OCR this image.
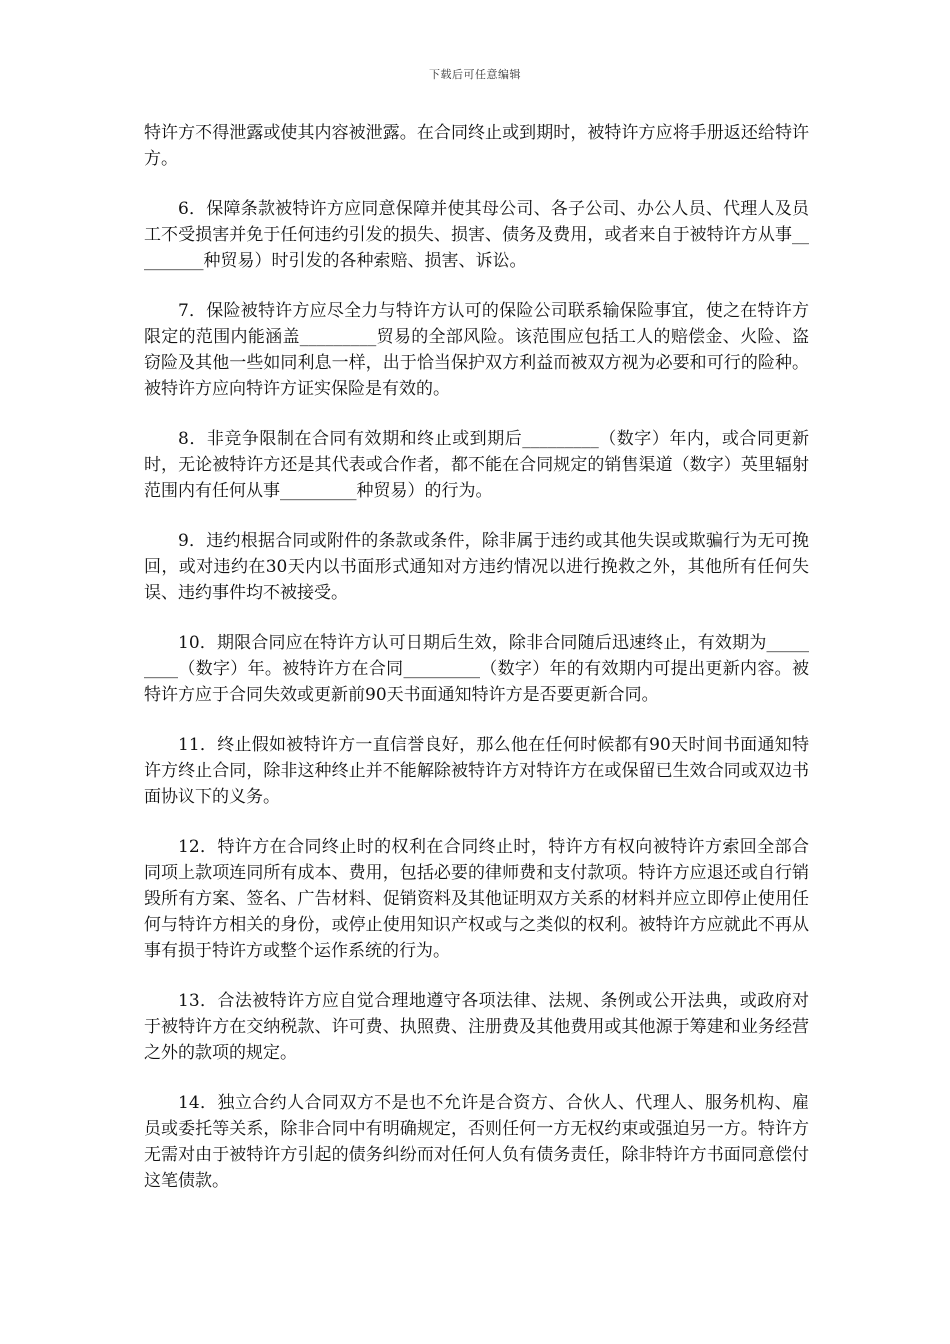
下载后可任意编辑

特许方不得泄露或使其内容被泄露。在合同终止或到期时，被特许方应将手册返还给特许方。

6．保障条款被特许方应同意保障并使其母公司、各子公司、办公人员、代理人及员工不受损害并免于任何违约引发的损失、损害、债务及费用，或者来自于被特许方从事_________种贸易）时引发的各种索赔、损害、诉讼。

7．保险被特许方应尽全力与特许方认可的保险公司联系输保险事宜，使之在特许方限定的范围内能涵盖_________贸易的全部风险。该范围应包括工人的赔偿金、火险、盗窃险及其他一些如同利息一样，出于恰当保护双方利益而被双方视为必要和可行的险种。被特许方应向特许方证实保险是有效的。

8．非竞争限制在合同有效期和终止或到期后_________（数字）年内，或合同更新时，无论被特许方还是其代表或合作者，都不能在合同规定的销售渠道（数字）英里辐射范围内有任何从事_________种贸易）的行为。

9．违约根据合同或附件的条款或条件，除非属于违约或其他失误或欺骗行为无可挽回，或对违约在30天内以书面形式通知对方违约情况以进行挽救之外，其他所有任何失误、违约事件均不被接受。

10．期限合同应在特许方认可日期后生效，除非合同随后迅速终止，有效期为_________（数字）年。被特许方在合同_________（数字）年的有效期内可提出更新内容。被特许方应于合同失效或更新前90天书面通知特许方是否要更新合同。

11．终止假如被特许方一直信誉良好，那么他在任何时候都有90天时间书面通知特许方终止合同，除非这种终止并不能解除被特许方对特许方在或保留已生效合同或双边书面协议下的义务。

12．特许方在合同终止时的权利在合同终止时，特许方有权向被特许方索回全部合同项上款项连同所有成本、费用，包括必要的律师费和支付款项。特许方应退还或自行销毁所有方案、签名、广告材料、促销资料及其他证明双方关系的材料并应立即停止使用任何与特许方相关的身份，或停止使用知识产权或与之类似的权利。被特许方应就此不再从事有损于特许方或整个运作系统的行为。

13．合法被特许方应自觉合理地遵守各项法律、法规、条例或公开法典，或政府对于被特许方在交纳税款、许可费、执照费、注册费及其他费用或其他源于筹建和业务经营之外的款项的规定。

14．独立合约人合同双方不是也不允许是合资方、合伙人、代理人、服务机构、雇员或委托等关系，除非合同中有明确规定，否则任何一方无权约束或强迫另一方。特许方无需对由于被特许方引起的债务纠纷而对任何人负有债务责任，除非特许方书面同意偿付这笔债款。
